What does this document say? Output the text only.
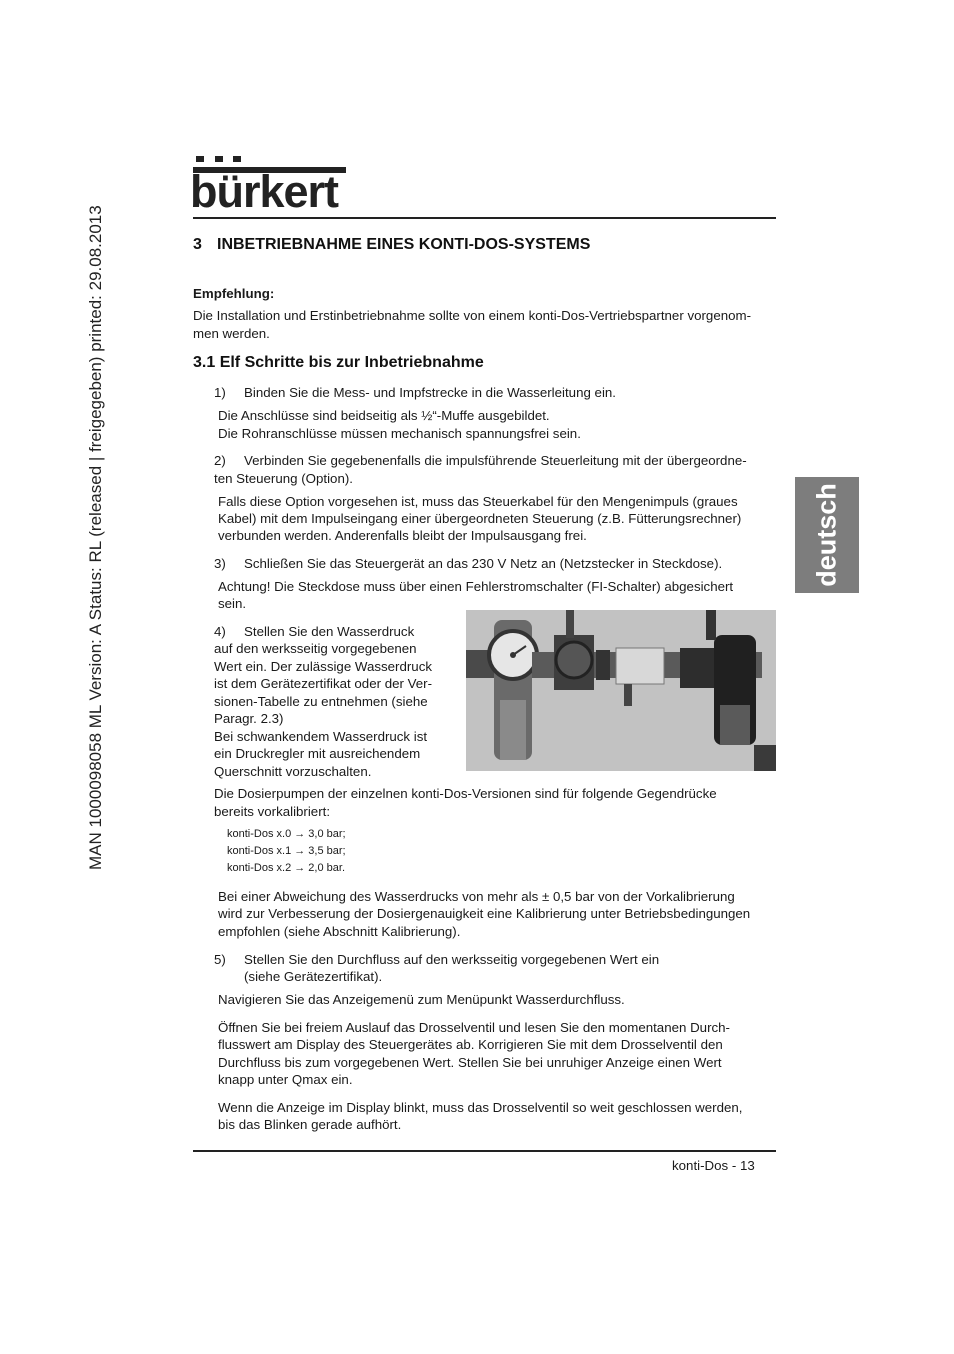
MAN 1000098058 ML Version: A Status: RL (released | freigegeben) printed: 29.08.2013
bürkert
deutsch
3 INBETRIEBNAHME EINES KONTI-DOS-SYSTEMS
Empfehlung:
Die Installation und Erstinbetriebnahme sollte von einem konti-Dos-Vertriebspartner vorgenom-
men werden.
3.1 Elf Schritte bis zur Inbetriebnahme
1) Binden Sie die Mess- und Impfstrecke in die Wasserleitung ein.
Die Anschlüsse sind beidseitig als ½“-Muffe ausgebildet.
Die Rohranschlüsse müssen mechanisch spannungsfrei sein.
2) Verbinden Sie gegebenenfalls die impulsführende Steuerleitung mit der übergeordne-
ten Steuerung (Option).
Falls diese Option vorgesehen ist, muss das Steuerkabel für den Mengenimpuls (graues
Kabel) mit dem Impulseingang einer übergeordneten Steuerung (z.B. Fütterungsrechner)
verbunden werden. Anderenfalls bleibt der Impulsausgang frei.
3) Schließen Sie das Steuergerät an das 230 V Netz an (Netzstecker in Steckdose).
Achtung! Die Steckdose muss über einen Fehlerstromschalter (FI-Schalter) abgesichert
sein.
4) Stellen Sie den Wasserdruck
auf den werksseitig vorgegebenen
Wert ein. Der zulässige Wasserdruck
ist dem Gerätezertifikat oder der Ver-
sionen-Tabelle zu entnehmen (siehe
Paragr. 2.3)
Bei schwankendem Wasserdruck ist
ein Druckregler mit ausreichendem
Querschnitt vorzuschalten.
Die Dosierpumpen der einzelnen konti-Dos-Versionen sind für folgende Gegendrücke
bereits vorkalibriert:
konti-Dos x.0 → 3,0 bar;
konti-Dos x.1 → 3,5 bar;
konti-Dos x.2 → 2,0 bar.
Bei einer Abweichung des Wasserdrucks von mehr als ± 0,5 bar von der Vorkalibrierung
wird zur Verbesserung der Dosiergenauigkeit eine Kalibrierung unter Betriebsbedingungen
empfohlen (siehe Abschnitt Kalibrierung).
5) Stellen Sie den Durchfluss auf den werksseitig vorgegebenen Wert ein
(siehe Gerätezertifikat).
Navigieren Sie das Anzeigemenü zum Menüpunkt Wasserdurchfluss.
Öffnen Sie bei freiem Auslauf das Drosselventil und lesen Sie den momentanen Durch-
flusswert am Display des Steuergerätes ab. Korrigieren Sie mit dem Drosselventil den
Durchfluss bis zum vorgegebenen Wert. Stellen Sie bei unruhiger Anzeige einen Wert
knapp unter Qmax ein.
Wenn die Anzeige im Display blinkt, muss das Drosselventil so weit geschlossen werden,
bis das Blinken gerade aufhört.
konti-Dos - 13
